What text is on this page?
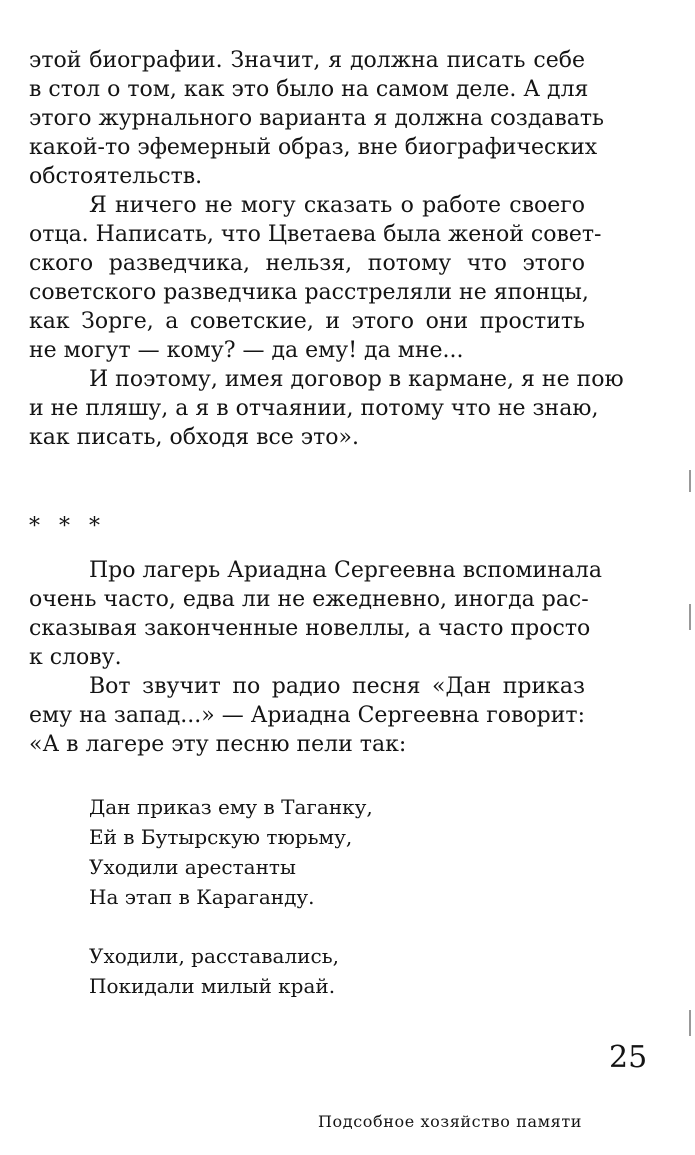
этой биографии. Значит, я должна писать себе
в стол о том, как это было на самом деле. А для
этого журнального варианта я должна создавать
какой-то эфемерный образ, вне биографических
обстоятельств.

Я ничего не могу сказать о работе своего
отца. Написать, что Цветаева была женой совет-
ского разведчика, нельзя, потому что этого
советского разведчика расстреляли не японцы,
как Зорге, а советские, и этого они простить
не могут — кому? — да ему! да мне...

И поэтому, имея договор в кармане, я не пою
и не пляшу, а я в отчаянии, потому что не знаю,
как писать, обходя все это».

* * *

Про лагерь Ариадна Сергеевна вспоминала
очень часто, едва ли не ежедневно, иногда рас-
сказывая законченные новеллы, а часто просто
к слову.

Вот звучит по радио песня «Дан приказ
ему на запад...» — Ариадна Сергеевна говорит:
«А в лагере эту песню пели так:

Дан приказ ему в Таганку,
Ей в Бутырскую тюрьму,
Уходили арестанты
На этап в Караганду.
Уходили, расставались,
Покидали милый край.
25
Подсобное хозяйство памяти
